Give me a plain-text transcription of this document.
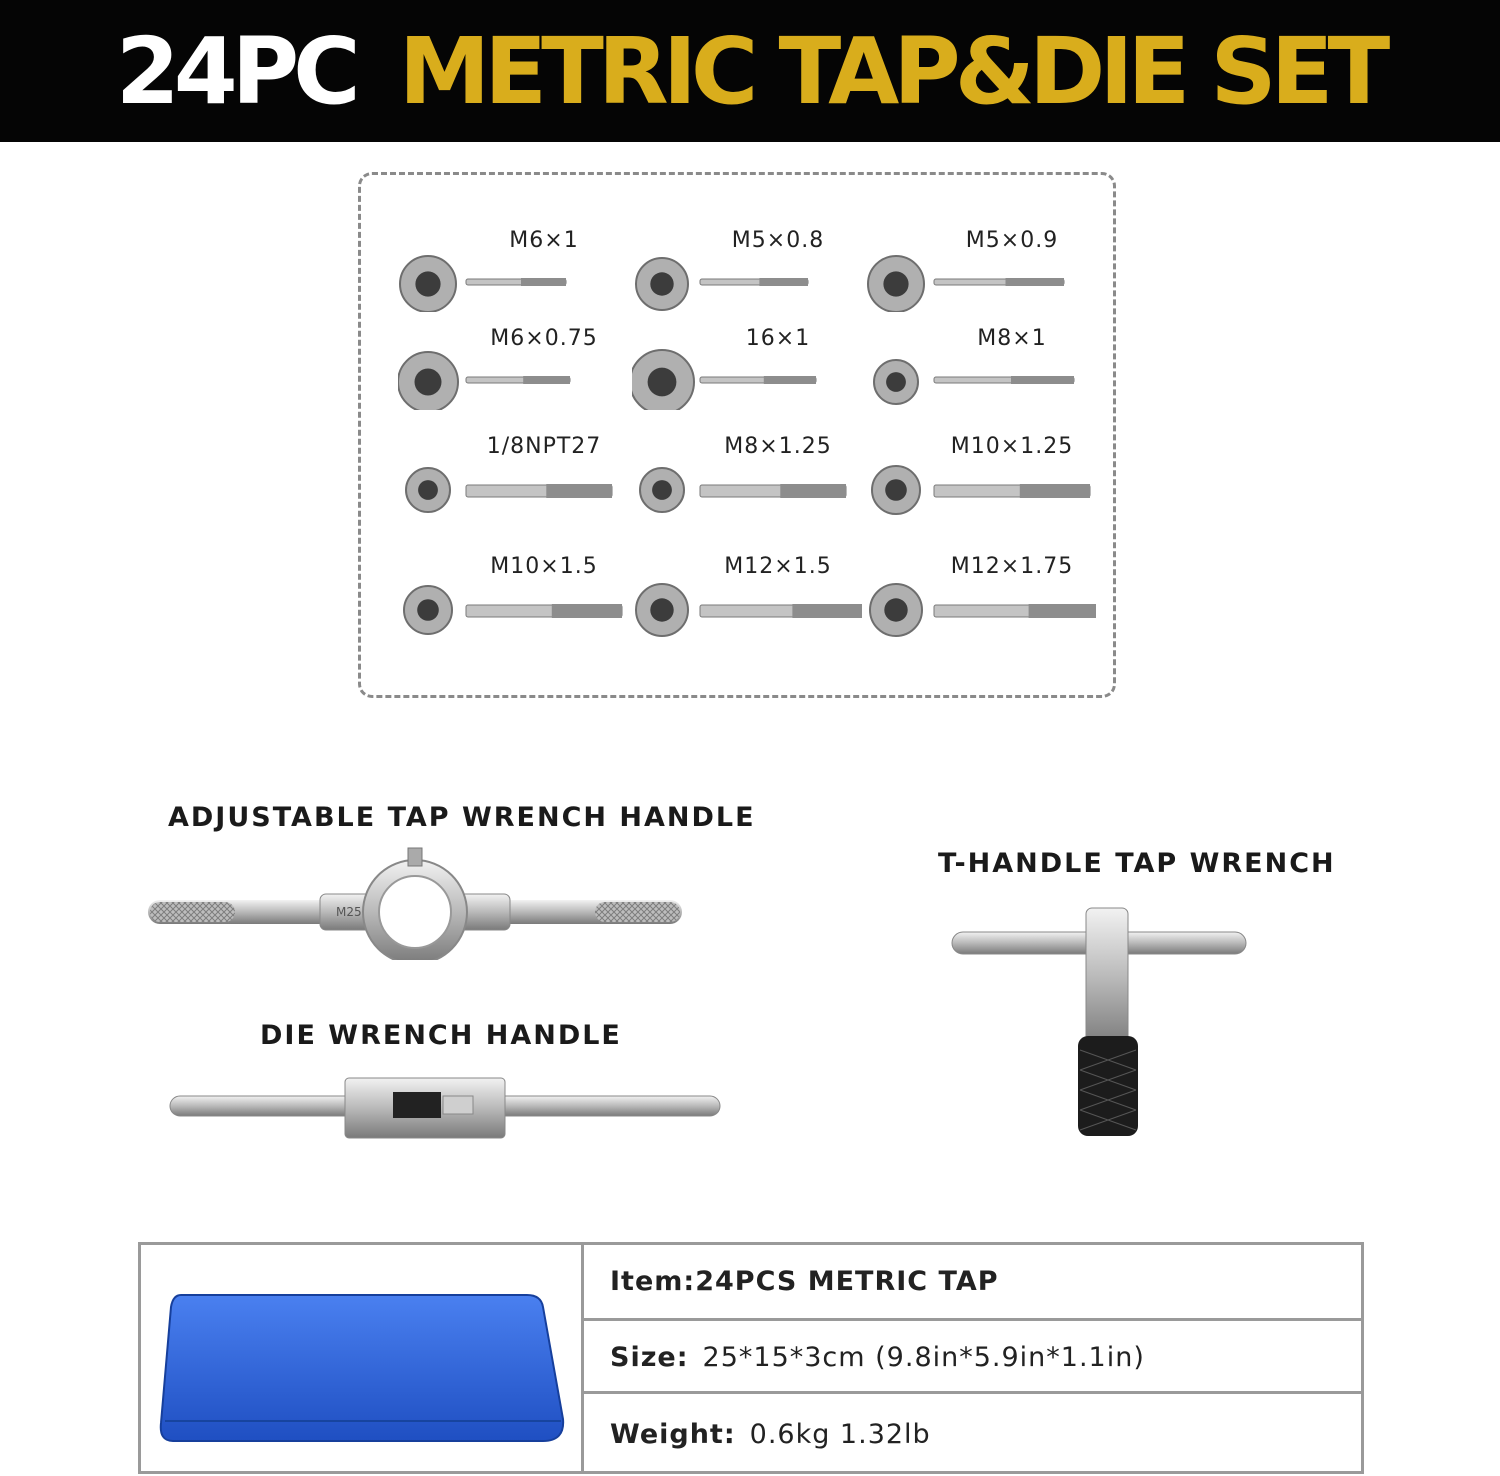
24PC METRIC TAP&DIE SET
M6×1	M5×0.8	M5×0.9
M6×0.75	16×1	M8×1
1/8NPT27	M8×1.25	M10×1.25
M10×1.5	M12×1.5	M12×1.75
ADJUSTABLE TAP WRENCH HANDLE
DIE WRENCH HANDLE
T-HANDLE TAP WRENCH
M25
Item: 24PCS METRIC TAP
Size: 25*15*3cm (9.8in*5.9in*1.1in)
Weight: 0.6kg 1.32lb
